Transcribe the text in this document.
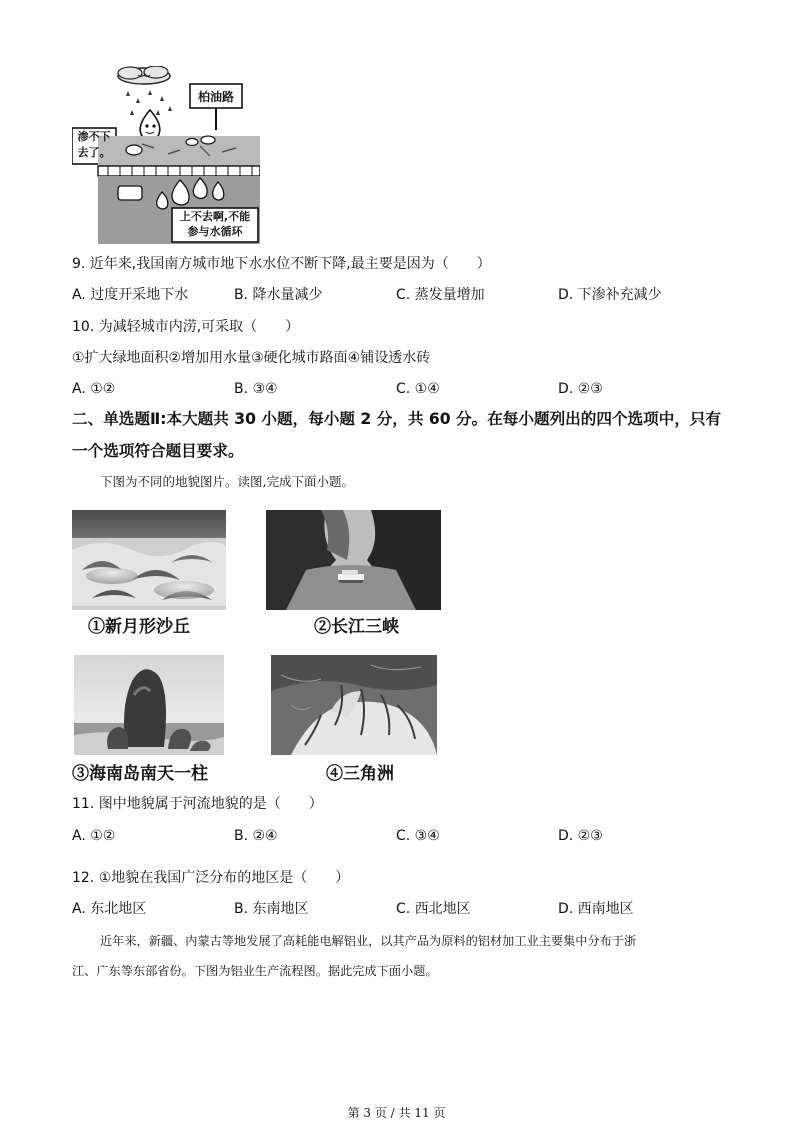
柏油路
渗不下
去了。
上不去啊,不能
参与水循环
9. 近年来,我国南方城市地下水水位不断下降,最主要是因为（　　）
A. 过度开采地下水	B. 降水量减少	C. 蒸发量增加	D. 下渗补充减少
10. 为减轻城市内涝,可采取（　　）
①扩大绿地面积②增加用水量③硬化城市路面④铺设透水砖
A. ①②	B. ③④	C. ①④	D. ②③
二、单选题Ⅱ:本大题共 30 小题，每小题 2 分，共 60 分。在每小题列出的四个选项中，只有
一个选项符合题目要求。
下图为不同的地貌图片。读图,完成下面小题。
①新月形沙丘	②长江三峡
③海南岛南天一柱	④三角洲
11. 图中地貌属于河流地貌的是（　　）
A. ①②	B. ②④	C. ③④	D. ②③
12. ①地貌在我国广泛分布的地区是（　　）
A. 东北地区	B. 东南地区	C. 西北地区	D. 西南地区
近年来，新疆、内蒙古等地发展了高耗能电解铝业，以其产品为原料的铝材加工业主要集中分布于浙
江、广东等东部省份。下图为铝业生产流程图。据此完成下面小题。
第 3 页 / 共 11 页
